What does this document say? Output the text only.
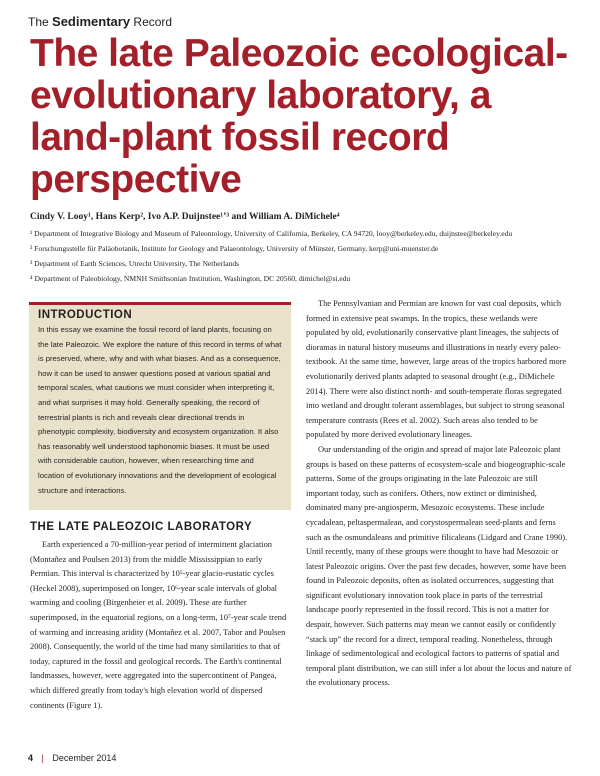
The Sedimentary Record
The late Paleozoic ecological-evolutionary laboratory, a land-plant fossil record perspective
Cindy V. Looy¹, Hans Kerp², Ivo A.P. Duijnstee¹ʼ³ and William A. DiMichele⁴
¹ Department of Integrative Biology and Museum of Paleontology, University of California, Berkeley, CA 94720, looy@berkeley.edu, duijnstee@berkeley.edu
² Forschungsstelle für Paläobotanik, Institute for Geology and Palaeontology, University of Münster, Germany, kerp@uni-muenster.de
³ Department of Earth Sciences, Utrecht University, The Netherlands
⁴ Department of Paleobiology, NMNH Smithsonian Institution, Washington, DC 20560, dimichel@si.edu
INTRODUCTION

In this essay we examine the fossil record of land plants, focusing on the late Paleozoic. We explore the nature of this record in terms of what is preserved, where, why and with what biases. And as a consequence, how it can be used to answer questions posed at various spatial and temporal scales, what cautions we must consider when interpreting it, and what surprises it may hold. Generally speaking, the record of terrestrial plants is rich and reveals clear directional trends in phenotypic complexity, biodiversity and ecosystem organization. It also has reasonably well understood taphonomic biases. It must be used with considerable caution, however, when researching time and location of evolutionary innovations and the development of ecological structure and interactions.

THE LATE PALEOZOIC LABORATORY

Earth experienced a 70-million-year period of intermittent glaciation (Montañez and Poulsen 2013) from the middle Mississippian to early Permian. This interval is characterized by 10⁵-year glacio-eustatic cycles (Heckel 2008), superimposed on longer, 10⁶-year scale intervals of global warming and cooling (Birgenheier et al. 2009). These are further superimposed, in the equatorial regions, on a long-term, 10⁷-year scale trend of warming and increasing aridity (Montañez et al. 2007, Tabor and Poulsen 2008). Consequently, the world of the time had many similarities to that of today, captured in the fossil and geological records. The Earth's continental landmasses, however, were aggregated into the supercontinent of Pangea, which differed greatly from today's high elevation world of dispersed continents (Figure 1).

The Pennsylvanian and Permian are known for vast coal deposits, which formed in extensive peat swamps. In the tropics, these wetlands were populated by old, evolutionarily conservative plant lineages, the subjects of dioramas in natural history museums and illustrations in nearly every paleo-textbook. At the same time, however, large areas of the tropics harbored more evolutionarily derived plants adapted to seasonal drought (e.g., DiMichele 2014). There were also distinct north- and south-temperate floras segregated into wetland and drought tolerant assemblages, but subject to strong seasonal temperature contrasts (Rees et al. 2002). Such areas also tended to be populated by more derived evolutionary lineages.

Our understanding of the origin and spread of major late Paleozoic plant groups is based on these patterns of ecosystem-scale and biogeographic-scale patterns. Some of the groups originating in the late Paleozoic are still important today, such as conifers. Others, now extinct or diminished, dominated many pre-angiosperm, Mesozoic ecosystems. These include cycadalean, peltaspermalean, and corystospermalean seed-plants and ferns such as the osmundaleans and primitive filicaleans (Lidgard and Crane 1990). Until recently, many of these groups were thought to have had Mesozoic or latest Paleozoic origins. Over the past few decades, however, some have been found in Paleozoic deposits, often as isolated occurrences, suggesting that significant evolutionary innovation took place in parts of the terrestrial landscape poorly represented in the fossil record. This is not a matter for despair, however. Such patterns may mean we cannot easily or confidently “stack up” the record for a direct, temporal reading. Nonetheless, through linkage of sedimentological and ecological factors to patterns of spatial and temporal plant distribution, we can still infer a lot about the locus and nature of the evolutionary process.

4 | December 2014
